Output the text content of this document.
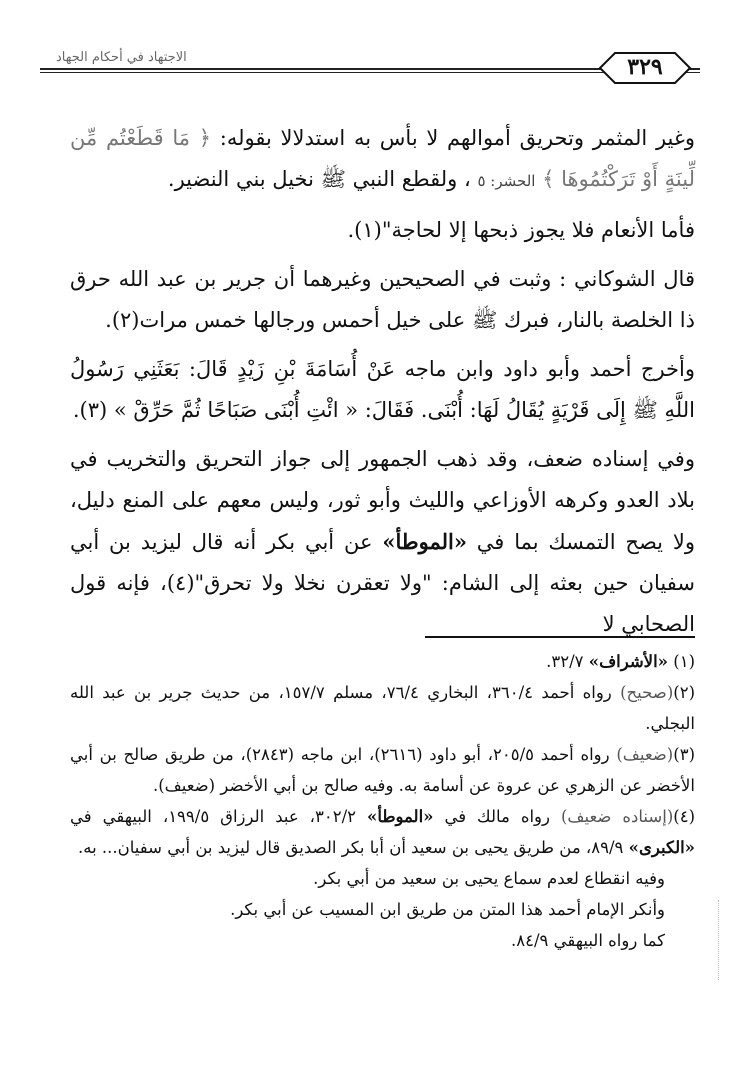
الاجتهاد في أحكام الجهاد	٣٢٩

وغير المثمر وتحريق أموالهم لا بأس به استدلالا بقوله: ﴿ مَا قَطَعْتُم مِّن لِّينَةٍ أَوْ تَرَكْتُمُوهَا ﴾ الحشر: ٥ ، ولقطع النبي ﷺ نخيل بني النضير.

فأما الأنعام فلا يجوز ذبحها إلا لحاجة"(١).

قال الشوكاني : وثبت في الصحيحين وغيرهما أن جرير بن عبد الله حرق ذا الخلصة بالنار، فبرك ﷺ على خيل أحمس ورجالها خمس مرات(٢).

وأخرج أحمد وأبو داود وابن ماجه عَنْ أُسَامَةَ بْنِ زَيْدٍ قَالَ: بَعَثَنِي رَسُولُ اللَّهِ ﷺ إِلَى قَرْيَةٍ يُقَالُ لَهَا: أُبْنَى. فَقَالَ: « ائْتِ أُبْنَى صَبَاحًا ثُمَّ حَرِّقْ » (٣).

وفي إسناده ضعف، وقد ذهب الجمهور إلى جواز التحريق والتخريب في بلاد العدو وكرهه الأوزاعي والليث وأبو ثور، وليس معهم على المنع دليل، ولا يصح التمسك بما في «الموطأ» عن أبي بكر أنه قال ليزيد بن أبي سفيان حين بعثه إلى الشام: "ولا تعقرن نخلا ولا تحرق"(٤)، فإنه قول الصحابي لا

(١) «الأشراف» ٣٢/٧.

(٢)(صحيح) رواه أحمد ٣٦٠/٤، البخاري ٧٦/٤، مسلم ١٥٧/٧، من حديث جرير بن عبد الله البجلي.

(٣)(ضعيف) رواه أحمد ٢٠٥/٥، أبو داود (٢٦١٦)، ابن ماجه (٢٨٤٣)، من طريق صالح بن أبي الأخضر عن الزهري عن عروة عن أسامة به. وفيه صالح بن أبي الأخضر (ضعيف).

(٤)(إسناده ضعيف) رواه مالك في «الموطأ» ٣٠٢/٢، عبد الرزاق ١٩٩/٥، البيهقي في «الكبرى» ٨٩/٩، من طريق يحيى بن سعيد أن أبا بكر الصديق قال ليزيد بن أبي سفيان... به.

وفيه انقطاع لعدم سماع يحيى بن سعيد من أبي بكر.

وأنكر الإمام أحمد هذا المتن من طريق ابن المسيب عن أبي بكر.

كما رواه البيهقي ٨٤/٩.
